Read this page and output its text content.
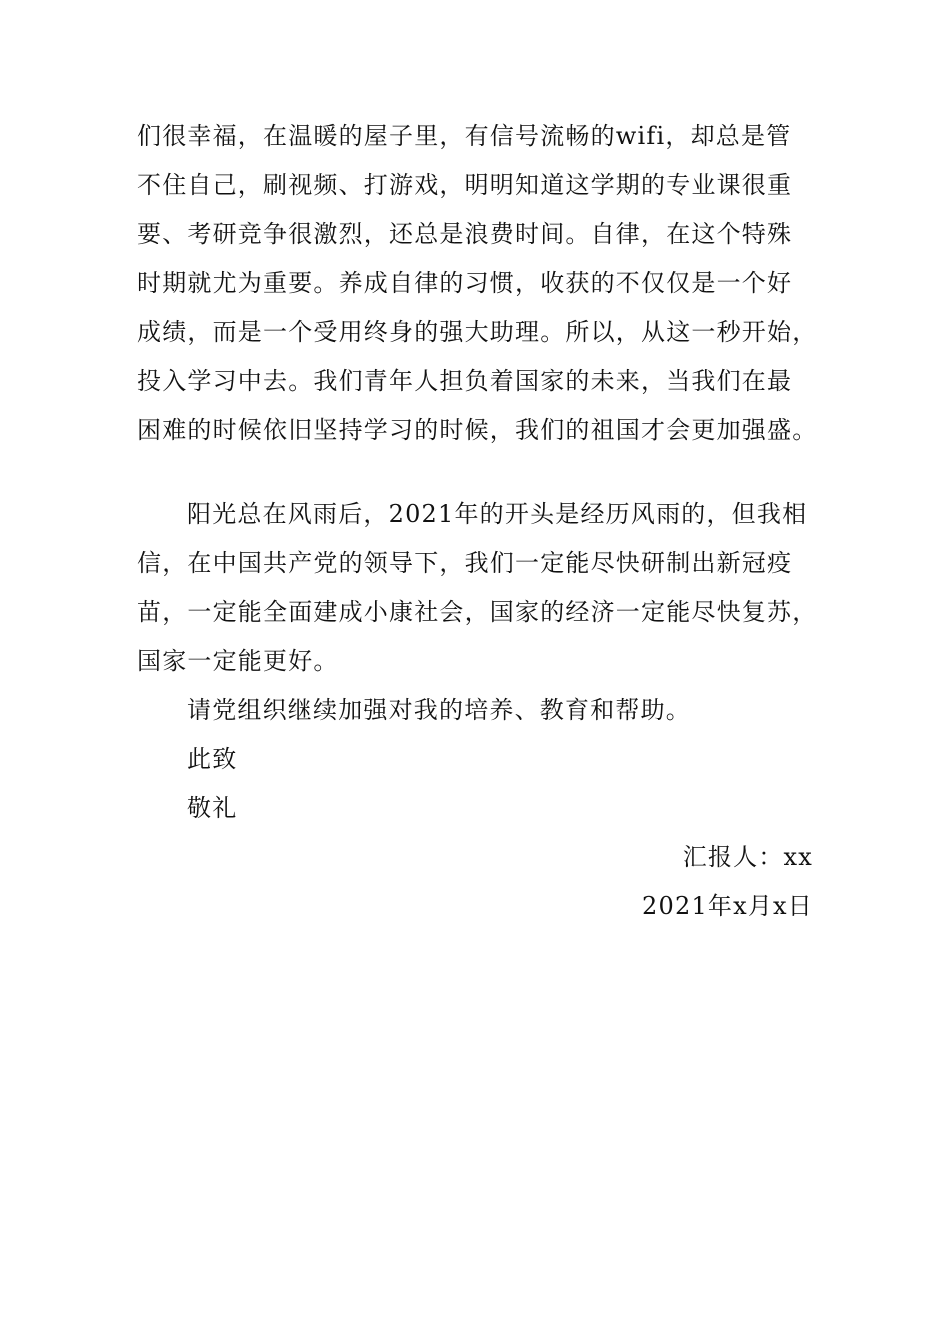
们很幸福，在温暖的屋子里，有信号流畅的wifi，却总是管
不住自己，刷视频、打游戏，明明知道这学期的专业课很重
要、考研竞争很激烈，还总是浪费时间。自律，在这个特殊
时期就尤为重要。养成自律的习惯，收获的不仅仅是一个好
成绩，而是一个受用终身的强大助理。所以，从这一秒开始，
投入学习中去。我们青年人担负着国家的未来，当我们在最
困难的时候依旧坚持学习的时候，我们的祖国才会更加强盛。
阳光总在风雨后，2021年的开头是经历风雨的，但我相
信，在中国共产党的领导下，我们一定能尽快研制出新冠疫
苗，一定能全面建成小康社会，国家的经济一定能尽快复苏，
国家一定能更好。
请党组织继续加强对我的培养、教育和帮助。
此致
敬礼
汇报人：xx
2021年x月x日
